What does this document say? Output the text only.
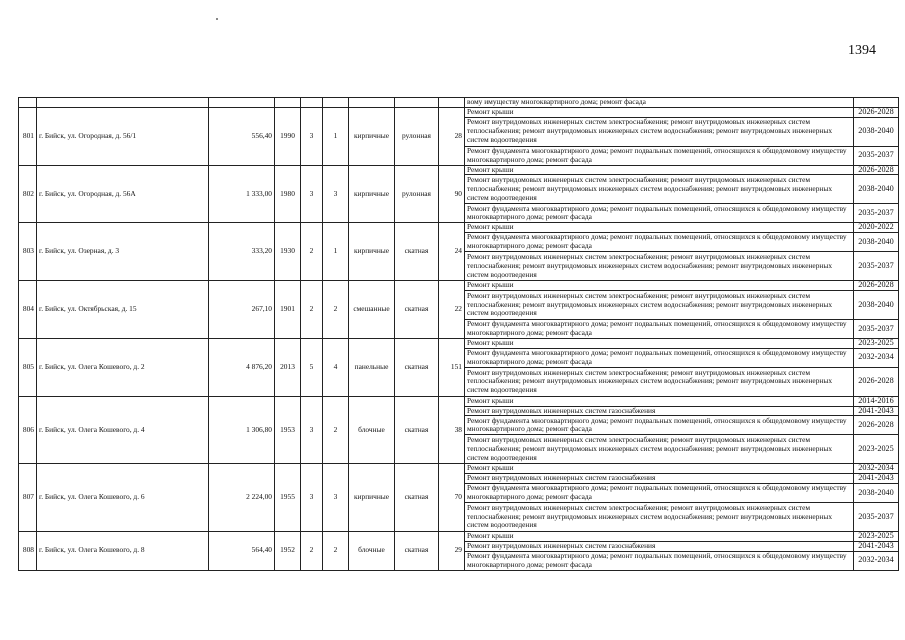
1394
									вому имуществу многоквартирного дома; ремонт фасада	
801	г. Бийск, ул. Огородная, д. 56/1	556,40	1990	3	1	кирпичные	рулонная	28	Ремонт крыши	2026-2028
									Ремонт внутридомовых инженерных систем электроснабжения; ремонт внутридомовых инженерных систем теплоснабжения; ремонт внутридомовых инженерных систем водоснабжения; ремонт внутридомовых инженерных систем водоотведения	2038-2040
									Ремонт фундамента многоквартирного дома; ремонт подвальных помещений, относящихся к общедомовому имуществу многоквартирного дома; ремонт фасада	2035-2037
802	г. Бийск, ул. Огородная, д. 56А	1 333,00	1980	3	3	кирпичные	рулонная	90	Ремонт крыши	2026-2028
									Ремонт внутридомовых инженерных систем электроснабжения; ремонт внутридомовых инженерных систем теплоснабжения; ремонт внутридомовых инженерных систем водоснабжения; ремонт внутридомовых инженерных систем водоотведения	2038-2040
									Ремонт фундамента многоквартирного дома; ремонт подвальных помещений, относящихся к общедомовому имуществу многоквартирного дома; ремонт фасада	2035-2037
803	г. Бийск, ул. Озерная, д. 3	333,20	1930	2	1	кирпичные	скатная	24	Ремонт крыши	2020-2022
									Ремонт фундамента многоквартирного дома; ремонт подвальных помещений, относящихся к общедомовому имуществу многоквартирного дома; ремонт фасада	2038-2040
									Ремонт внутридомовых инженерных систем электроснабжения; ремонт внутридомовых инженерных систем теплоснабжения; ремонт внутридомовых инженерных систем водоснабжения; ремонт внутридомовых инженерных систем водоотведения	2035-2037
804	г. Бийск, ул. Октябрьская, д. 15	267,10	1901	2	2	смешанные	скатная	22	Ремонт крыши	2026-2028
									Ремонт внутридомовых инженерных систем электроснабжения; ремонт внутридомовых инженерных систем теплоснабжения; ремонт внутридомовых инженерных систем водоснабжения; ремонт внутридомовых инженерных систем водоотведения	2038-2040
									Ремонт фундамента многоквартирного дома; ремонт подвальных помещений, относящихся к общедомовому имуществу многоквартирного дома; ремонт фасада	2035-2037
805	г. Бийск, ул. Олега Кошевого, д. 2	4 876,20	2013	5	4	панельные	скатная	151	Ремонт крыши	2023-2025
									Ремонт фундамента многоквартирного дома; ремонт подвальных помещений, относящихся к общедомовому имуществу многоквартирного дома; ремонт фасада	2032-2034
									Ремонт внутридомовых инженерных систем электроснабжения; ремонт внутридомовых инженерных систем теплоснабжения; ремонт внутридомовых инженерных систем водоснабжения; ремонт внутридомовых инженерных систем водоотведения	2026-2028
806	г. Бийск, ул. Олега Кошевого, д. 4	1 306,80	1953	3	2	блочные	скатная	38	Ремонт крыши	2014-2016
									Ремонт внутридомовых инженерных систем газоснабжения	2041-2043
									Ремонт фундамента многоквартирного дома; ремонт подвальных помещений, относящихся к общедомовому имуществу многоквартирного дома; ремонт фасада	2026-2028
									Ремонт внутридомовых инженерных систем электроснабжения; ремонт внутридомовых инженерных систем теплоснабжения; ремонт внутридомовых инженерных систем водоснабжения; ремонт внутридомовых инженерных систем водоотведения	2023-2025
807	г. Бийск, ул. Олега Кошевого, д. 6	2 224,00	1955	3	3	кирпичные	скатная	70	Ремонт крыши	2032-2034
									Ремонт внутридомовых инженерных систем газоснабжения	2041-2043
									Ремонт фундамента многоквартирного дома; ремонт подвальных помещений, относящихся к общедомовому имуществу многоквартирного дома; ремонт фасада	2038-2040
									Ремонт внутридомовых инженерных систем электроснабжения; ремонт внутридомовых инженерных систем теплоснабжения; ремонт внутридомовых инженерных систем водоснабжения; ремонт внутридомовых инженерных систем водоотведения	2035-2037
808	г. Бийск, ул. Олега Кошевого, д. 8	564,40	1952	2	2	блочные	скатная	29	Ремонт крыши	2023-2025
									Ремонт внутридомовых инженерных систем газоснабжения	2041-2043
									Ремонт фундамента многоквартирного дома; ремонт подвальных помещений, относящихся к общедомовому имуществу многоквартирного дома; ремонт фасада	2032-2034
